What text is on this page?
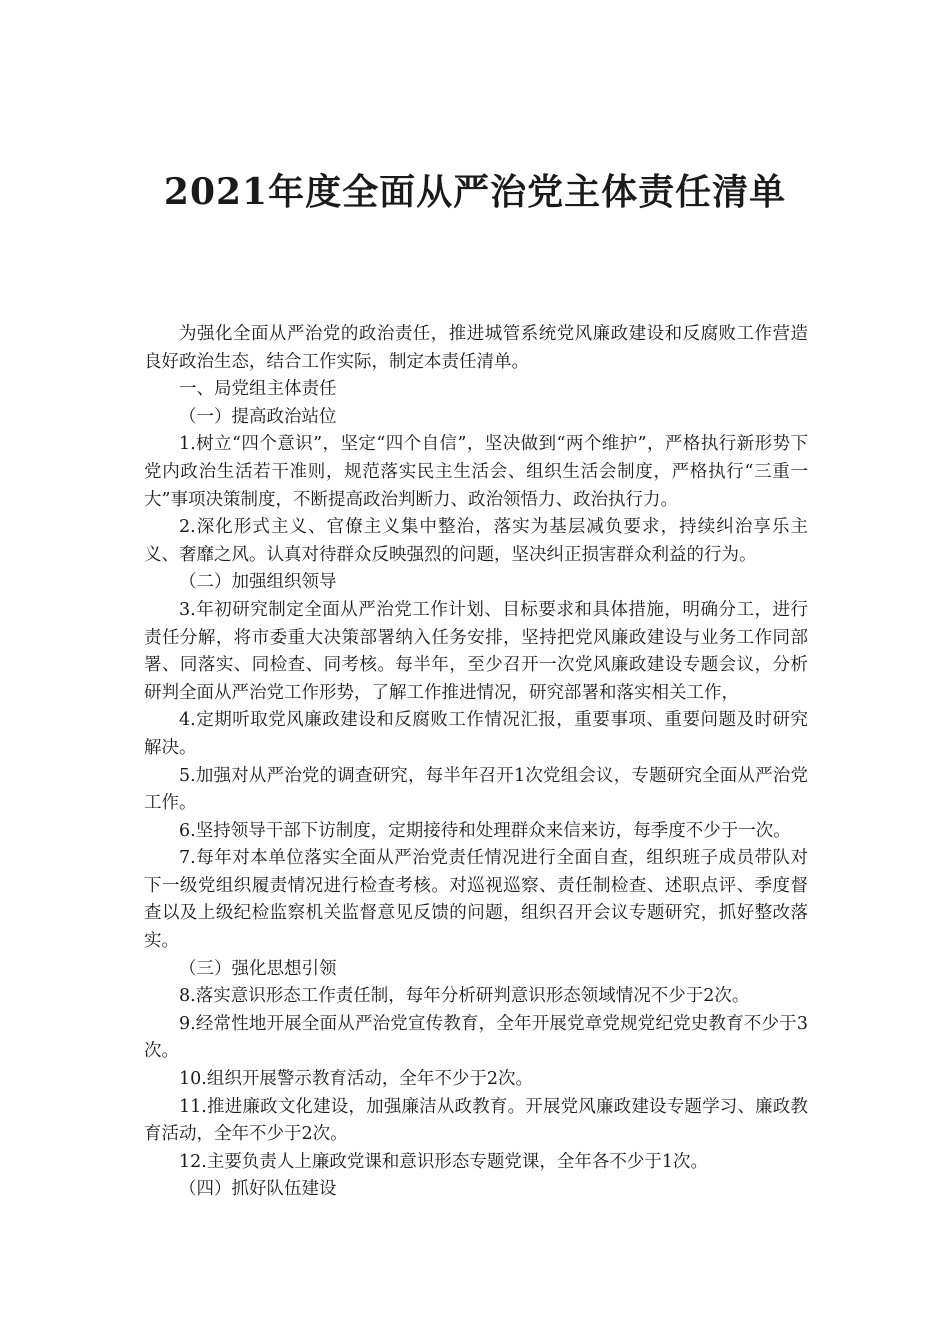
2021年度全面从严治党主体责任清单

为强化全面从严治党的政治责任，推进城管系统党风廉政建设和反腐败工作营造良好政治生态，结合工作实际，制定本责任清单。

一、局党组主体责任

（一）提高政治站位

1.树立“四个意识”，坚定“四个自信”，坚决做到“两个维护”，严格执行新形势下党内政治生活若干准则，规范落实民主生活会、组织生活会制度，严格执行“三重一大”事项决策制度，不断提高政治判断力、政治领悟力、政治执行力。

2.深化形式主义、官僚主义集中整治，落实为基层减负要求，持续纠治享乐主义、奢靡之风。认真对待群众反映强烈的问题，坚决纠正损害群众利益的行为。

（二）加强组织领导

3.年初研究制定全面从严治党工作计划、目标要求和具体措施，明确分工，进行责任分解，将市委重大决策部署纳入任务安排，坚持把党风廉政建设与业务工作同部署、同落实、同检查、同考核。每半年，至少召开一次党风廉政建设专题会议，分析研判全面从严治党工作形势，了解工作推进情况，研究部署和落实相关工作，

4.定期听取党风廉政建设和反腐败工作情况汇报，重要事项、重要问题及时研究解决。

5.加强对从严治党的调查研究，每半年召开1次党组会议，专题研究全面从严治党工作。

6.坚持领导干部下访制度，定期接待和处理群众来信来访，每季度不少于一次。

7.每年对本单位落实全面从严治党责任情况进行全面自查，组织班子成员带队对下一级党组织履责情况进行检查考核。对巡视巡察、责任制检查、述职点评、季度督查以及上级纪检监察机关监督意见反馈的问题，组织召开会议专题研究，抓好整改落实。

（三）强化思想引领

8.落实意识形态工作责任制，每年分析研判意识形态领域情况不少于2次。

9.经常性地开展全面从严治党宣传教育，全年开展党章党规党纪党史教育不少于3次。

10.组织开展警示教育活动，全年不少于2次。

11.推进廉政文化建设，加强廉洁从政教育。开展党风廉政建设专题学习、廉政教育活动，全年不少于2次。

12.主要负责人上廉政党课和意识形态专题党课，全年各不少于1次。

（四）抓好队伍建设
